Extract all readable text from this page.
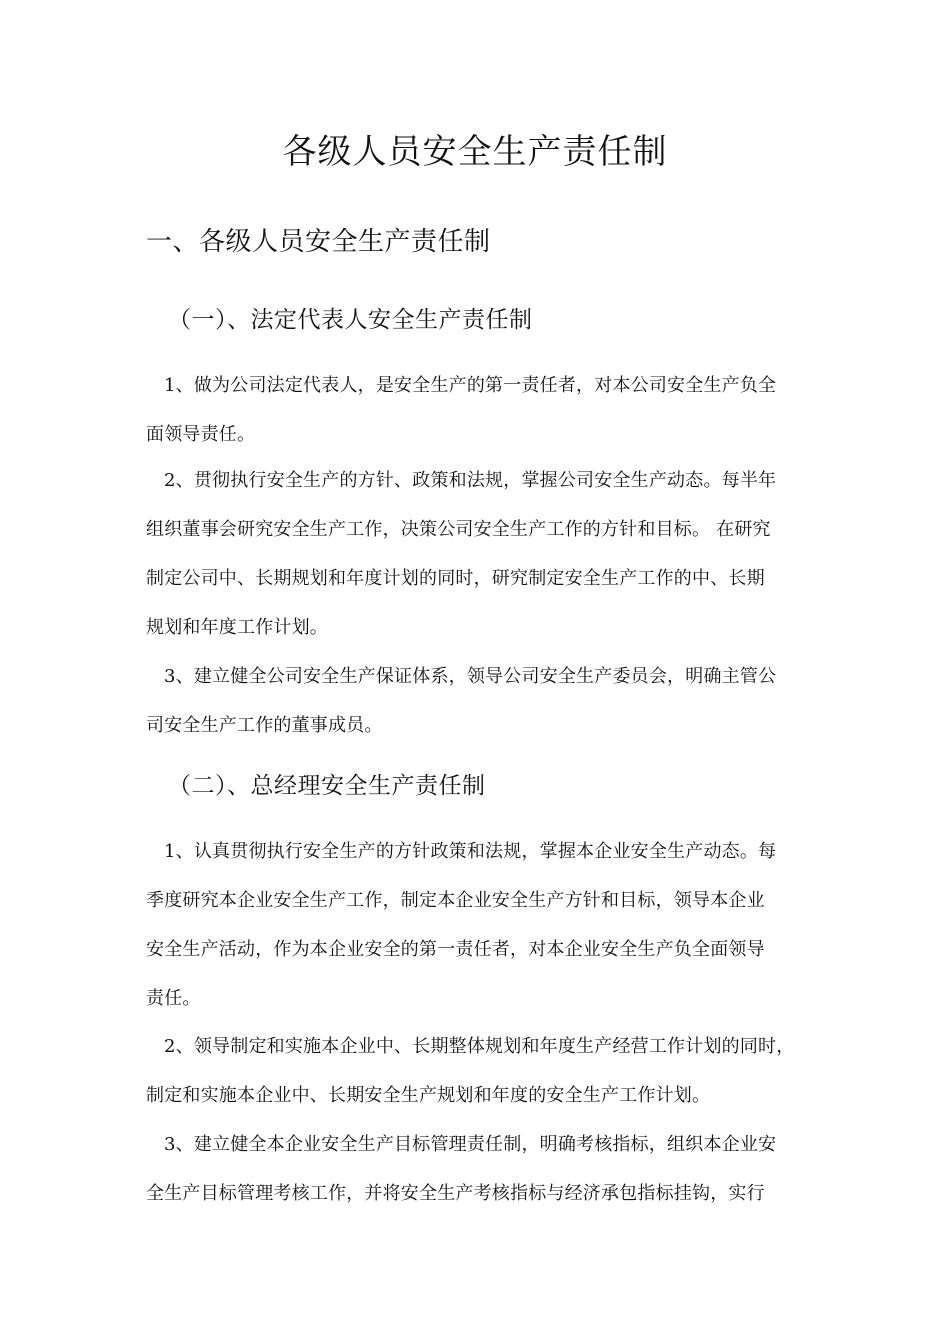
各级人员安全生产责任制
一、各级人员安全生产责任制
（一）、法定代表人安全生产责任制
1、做为公司法定代表人，是安全生产的第一责任者，对本公司安全生产负全
面领导责任。
2、贯彻执行安全生产的方针、政策和法规，掌握公司安全生产动态。每半年
组织董事会研究安全生产工作，决策公司安全生产工作的方针和目标。 在研究
制定公司中、长期规划和年度计划的同时，研究制定安全生产工作的中、长期
规划和年度工作计划。
3、建立健全公司安全生产保证体系，领导公司安全生产委员会，明确主管公
司安全生产工作的董事成员。
（二）、总经理安全生产责任制
1、认真贯彻执行安全生产的方针政策和法规，掌握本企业安全生产动态。每
季度研究本企业安全生产工作，制定本企业安全生产方针和目标，领导本企业
安全生产活动，作为本企业安全的第一责任者，对本企业安全生产负全面领导
责任。
2、领导制定和实施本企业中、长期整体规划和年度生产经营工作计划的同时，
制定和实施本企业中、长期安全生产规划和年度的安全生产工作计划。
3、建立健全本企业安全生产目标管理责任制，明确考核指标，组织本企业安
全生产目标管理考核工作，并将安全生产考核指标与经济承包指标挂钩，实行
